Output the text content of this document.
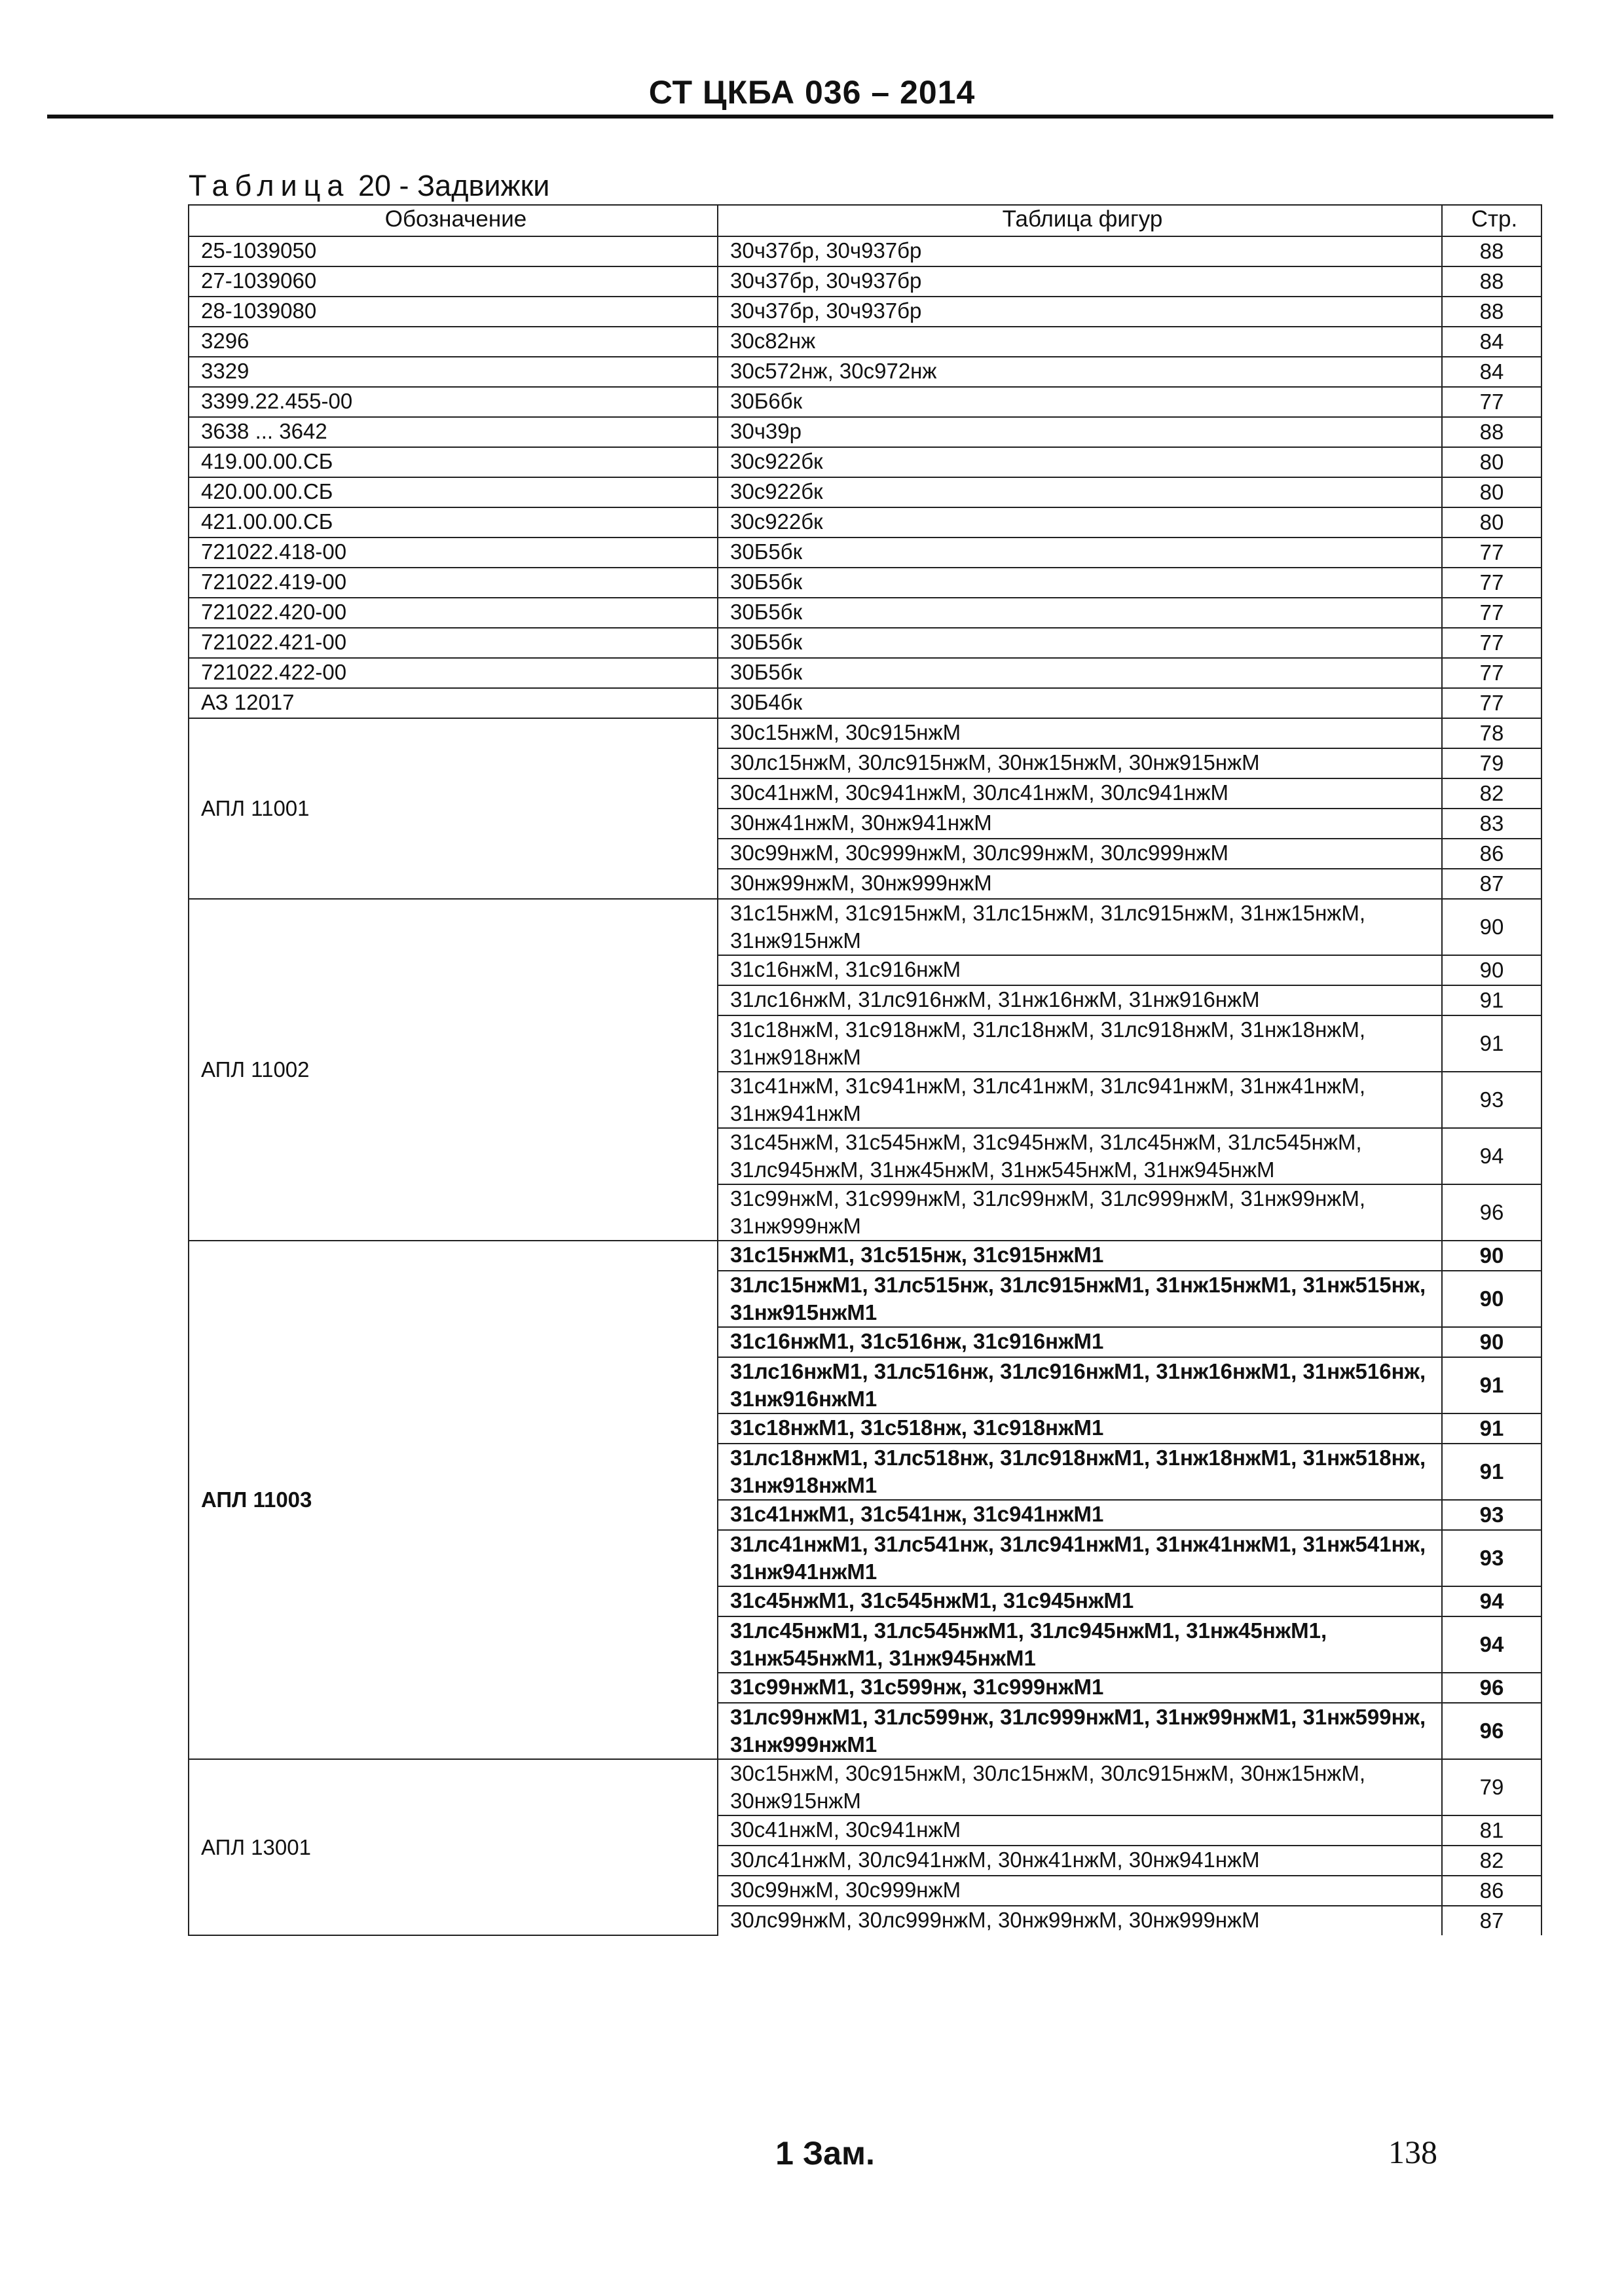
СТ ЦКБА 036 – 2014
Таблица 20 - Задвижки
Обозначение	Таблица фигур	Стр.
25-1039050	30ч37бр, 30ч937бр	88
27-1039060	30ч37бр, 30ч937бр	88
28-1039080	30ч37бр, 30ч937бр	88
3296	30с82нж	84
3329	30с572нж, 30с972нж	84
3399.22.455-00	30Б6бк	77
3638 ... 3642	30ч39р	88
419.00.00.СБ	30с922бк	80
420.00.00.СБ	30с922бк	80
421.00.00.СБ	30с922бк	80
721022.418-00	30Б5бк	77
721022.419-00	30Б5бк	77
721022.420-00	30Б5бк	77
721022.421-00	30Б5бк	77
721022.422-00	30Б5бк	77
АЗ 12017	30Б4бк	77
АПЛ 11001	30с15нжМ, 30с915нжМ	78
	30лс15нжМ, 30лс915нжМ, 30нж15нжМ, 30нж915нжМ	79
	30с41нжМ, 30с941нжМ, 30лс41нжМ, 30лс941нжМ	82
	30нж41нжМ, 30нж941нжМ	83
	30с99нжМ, 30с999нжМ, 30лс99нжМ, 30лс999нжМ	86
	30нж99нжМ, 30нж999нжМ	87
АПЛ 11002	31с15нжМ, 31с915нжМ, 31лс15нжМ, 31лс915нжМ, 31нж15нжМ, 31нж915нжМ	90
	31с16нжМ, 31с916нжМ	90
	31лс16нжМ, 31лс916нжМ, 31нж16нжМ, 31нж916нжМ	91
	31с18нжМ, 31с918нжМ, 31лс18нжМ, 31лс918нжМ, 31нж18нжМ, 31нж918нжМ	91
	31с41нжМ, 31с941нжМ, 31лс41нжМ, 31лс941нжМ, 31нж41нжМ, 31нж941нжМ	93
	31с45нжМ, 31с545нжМ, 31с945нжМ, 31лс45нжМ, 31лс545нжМ, 31лс945нжМ, 31нж45нжМ, 31нж545нжМ, 31нж945нжМ	94
	31с99нжМ, 31с999нжМ, 31лс99нжМ, 31лс999нжМ, 31нж99нжМ, 31нж999нжМ	96
АПЛ 11003	31с15нжМ1, 31с515нж, 31с915нжМ1	90
	31лс15нжМ1, 31лс515нж, 31лс915нжМ1, 31нж15нжМ1, 31нж515нж, 31нж915нжМ1	90
	31с16нжМ1, 31с516нж, 31с916нжМ1	90
	31лс16нжМ1, 31лс516нж, 31лс916нжМ1, 31нж16нжМ1, 31нж516нж, 31нж916нжМ1	91
	31с18нжМ1, 31с518нж, 31с918нжМ1	91
	31лс18нжМ1, 31лс518нж, 31лс918нжМ1, 31нж18нжМ1, 31нж518нж, 31нж918нжМ1	91
	31с41нжМ1, 31с541нж, 31с941нжМ1	93
	31лс41нжМ1, 31лс541нж, 31лс941нжМ1, 31нж41нжМ1, 31нж541нж, 31нж941нжМ1	93
	31с45нжМ1, 31с545нжМ1, 31с945нжМ1	94
	31лс45нжМ1, 31лс545нжМ1, 31лс945нжМ1, 31нж45нжМ1, 31нж545нжМ1, 31нж945нжМ1	94
	31с99нжМ1, 31с599нж, 31с999нжМ1	96
	31лс99нжМ1, 31лс599нж, 31лс999нжМ1, 31нж99нжМ1, 31нж599нж, 31нж999нжМ1	96
АПЛ 13001	30с15нжМ, 30с915нжМ, 30лс15нжМ, 30лс915нжМ, 30нж15нжМ, 30нж915нжМ	79
	30с41нжМ, 30с941нжМ	81
	30лс41нжМ, 30лс941нжМ, 30нж41нжМ, 30нж941нжМ	82
	30с99нжМ, 30с999нжМ	86
	30лс99нжМ, 30лс999нжМ, 30нж99нжМ, 30нж999нжМ	87
1 Зам.	138
